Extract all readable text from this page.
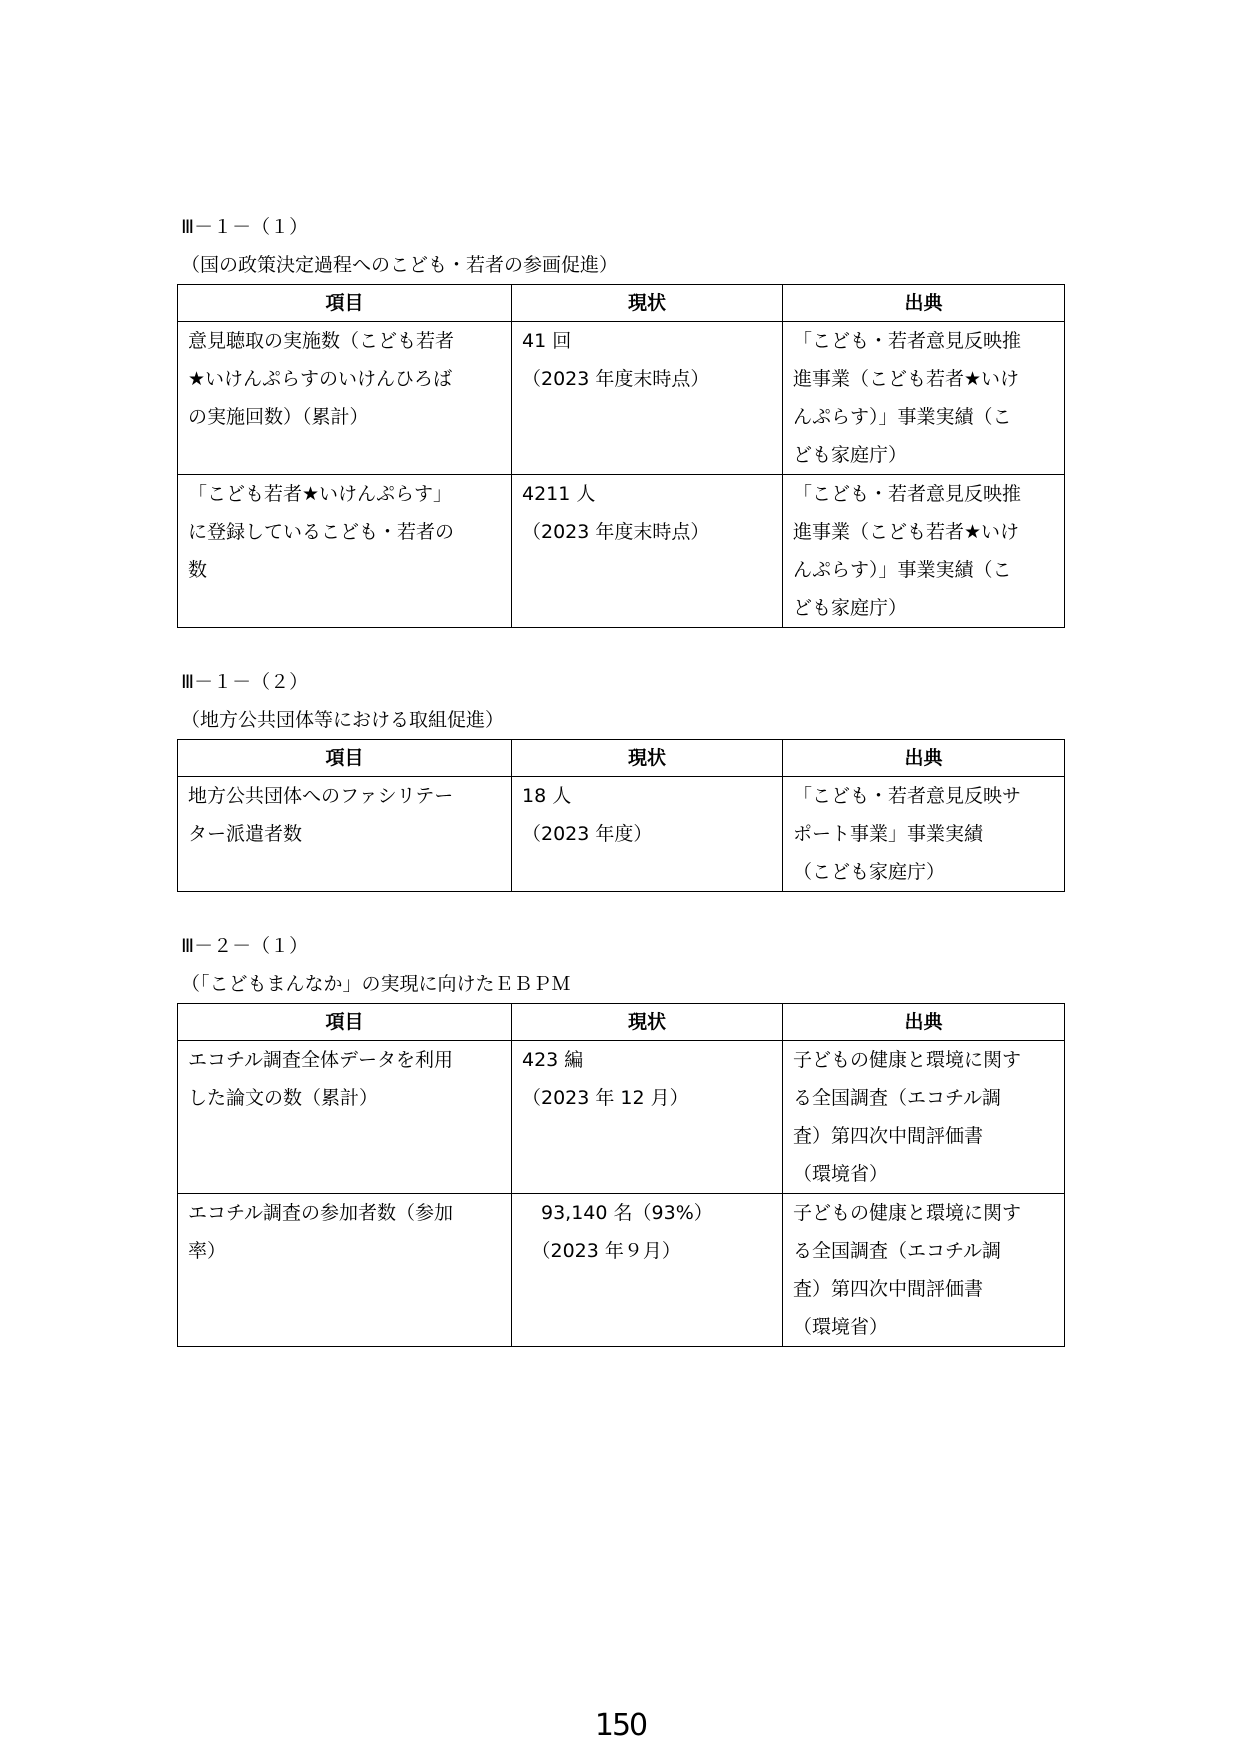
Ⅲ－１－（１）
（国の政策決定過程へのこども・若者の参画促進）
項目	現状	出典

意見聴取の実施数（こども若者
★いけんぷらすのいけんひろば
の実施回数）（累計）	41 回
（2023 年度末時点）	「こども・若者意見反映推
進事業（こども若者★いけ
んぷらす）」事業実績（こ
ども家庭庁）

「こども若者★いけんぷらす」
に登録しているこども・若者の
数	4211 人
（2023 年度末時点）	「こども・若者意見反映推
進事業（こども若者★いけ
んぷらす）」事業実績（こ
ども家庭庁）
Ⅲ－１－（２）
（地方公共団体等における取組促進）
項目	現状	出典

地方公共団体へのファシリテー
ター派遣者数	18 人
（2023 年度）	「こども・若者意見反映サ
ポート事業」事業実績
（こども家庭庁）
Ⅲ－２－（１）
（「こどもまんなか」の実現に向けたＥＢＰＭ
項目	現状	出典

エコチル調査全体データを利用
した論文の数（累計）	423 編
（2023 年 12 月）	子どもの健康と環境に関す
る全国調査（エコチル調
査）第四次中間評価書
（環境省）

エコチル調査の参加者数（参加
率）	　93,140 名（93%）
　（2023 年９月）	子どもの健康と環境に関す
る全国調査（エコチル調
査）第四次中間評価書
（環境省）
150
